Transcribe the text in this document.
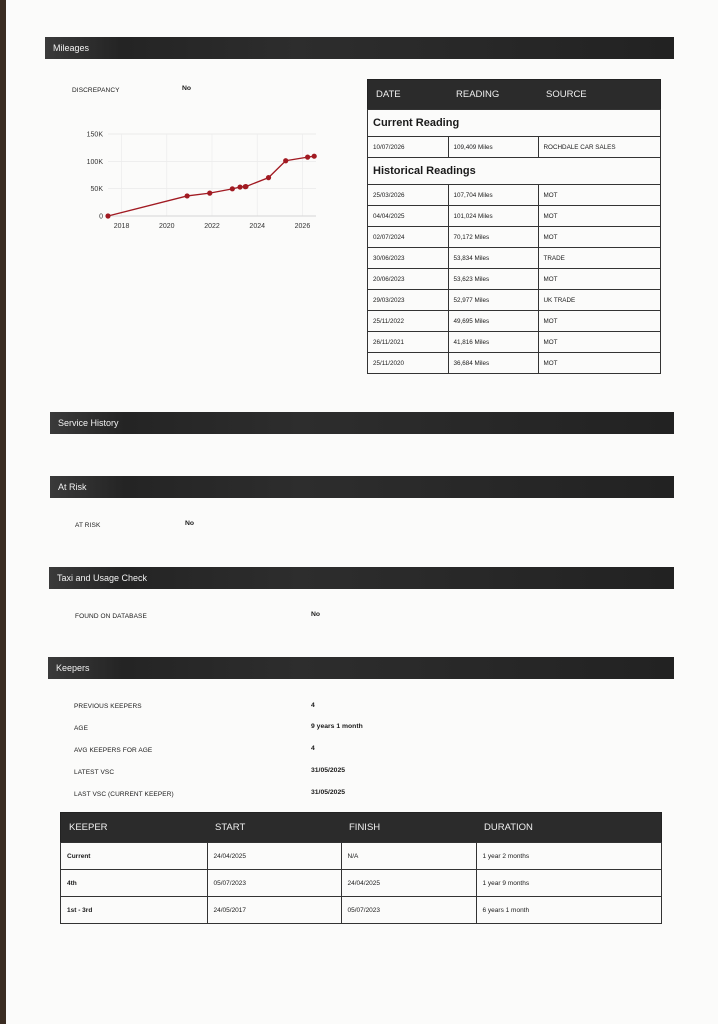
Mileages
DISCREPANCY	No
0
50K
100K
150K
2018	2020	2022	2024	2026
DATE	READING	SOURCE
Current Reading		
10/07/2026	109,409 Miles	ROCHDALE CAR SALES
Historical Readings		
25/03/2026	107,704 Miles	MOT
04/04/2025	101,024 Miles	MOT
02/07/2024	70,172 Miles	MOT
30/06/2023	53,834 Miles	TRADE
20/06/2023	53,623 Miles	MOT
29/03/2023	52,977 Miles	UK TRADE
25/11/2022	49,695 Miles	MOT
26/11/2021	41,816 Miles	MOT
25/11/2020	36,684 Miles	MOT
Service History
At Risk
AT RISK	No
Taxi and Usage Check
FOUND ON DATABASE	No
Keepers
PREVIOUS KEEPERS	4
AGE	9 years 1 month
AVG KEEPERS FOR AGE	4
LATEST VSC	31/05/2025
LAST VSC (CURRENT KEEPER)	31/05/2025
KEEPER	START	FINISH	DURATION
Current	24/04/2025	N/A	1 year 2 months
4th	05/07/2023	24/04/2025	1 year 9 months
1st - 3rd	24/05/2017	05/07/2023	6 years 1 month
